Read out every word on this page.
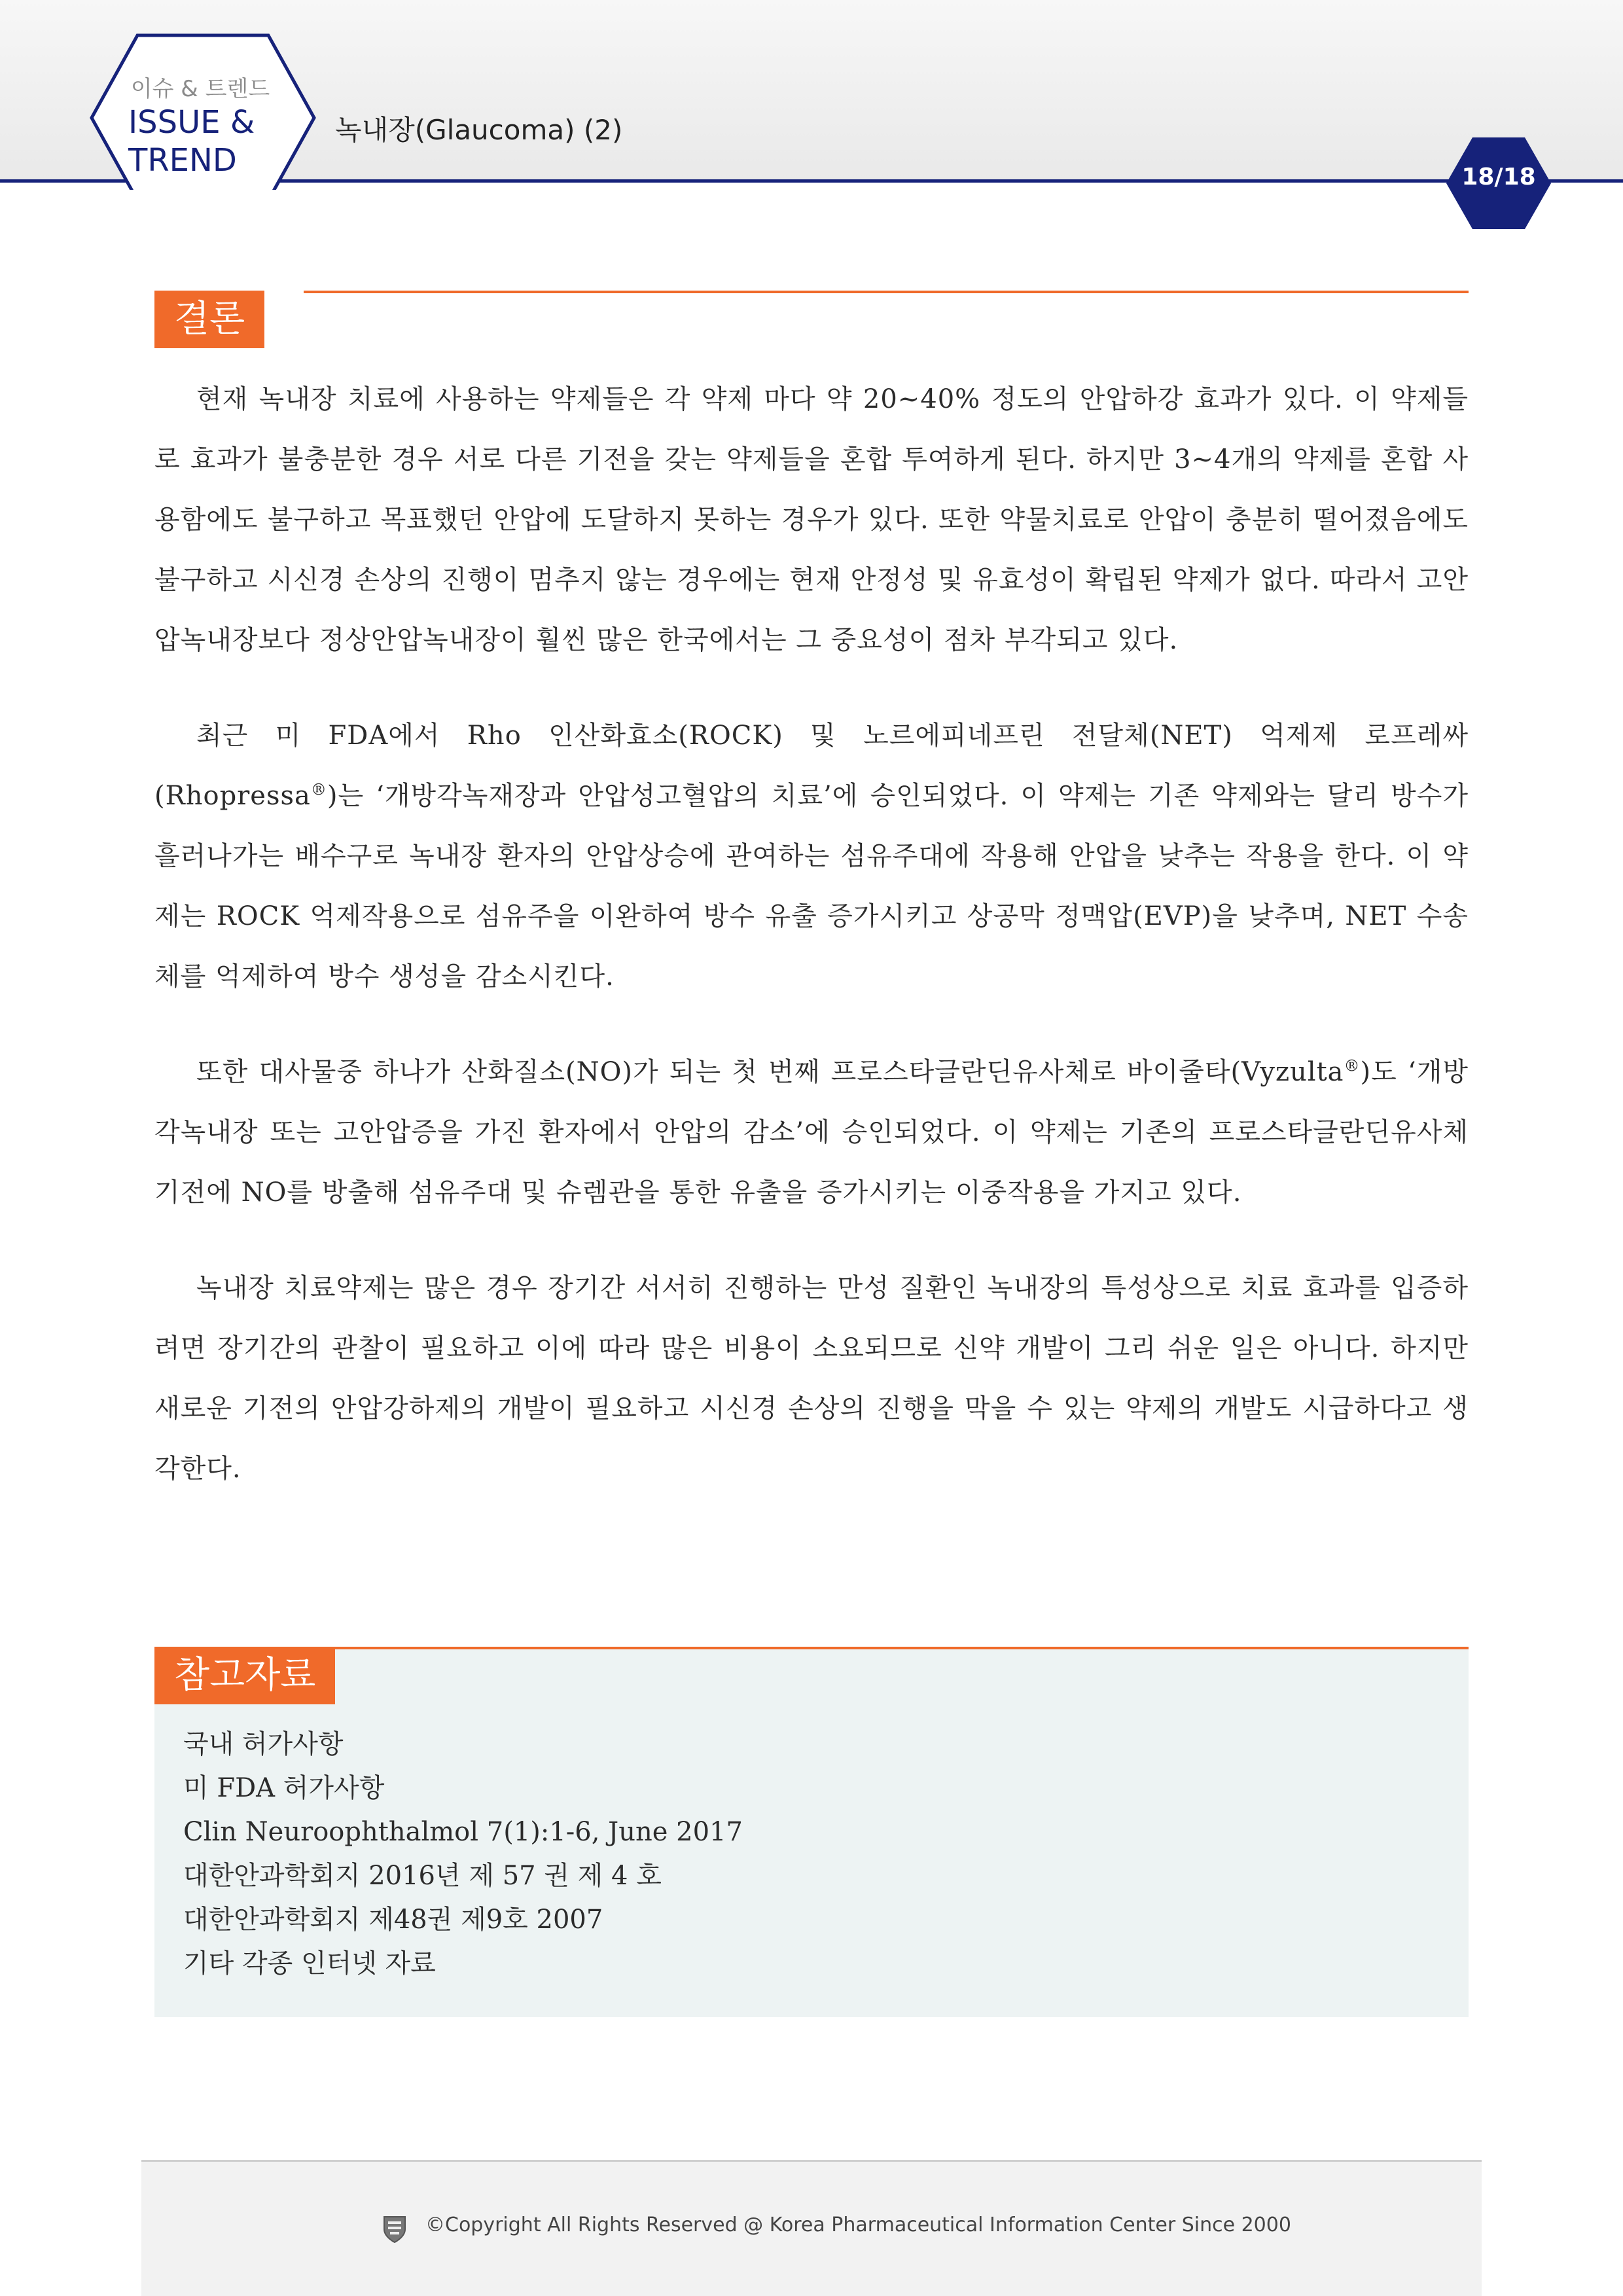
이슈 & 트렌드
ISSUE &
TREND
녹내장(Glaucoma) (2)
18/18
결론

현재 녹내장 치료에 사용하는 약제들은 각 약제 마다 약 20~40% 정도의 안압하강 효과가 있다. 이 약제들로 효과가 불충분한 경우 서로 다른 기전을 갖는 약제들을 혼합 투여하게 된다. 하지만 3~4개의 약제를 혼합 사용함에도 불구하고 목표했던 안압에 도달하지 못하는 경우가 있다. 또한 약물치료로 안압이 충분히 떨어졌음에도 불구하고 시신경 손상의 진행이 멈추지 않는 경우에는 현재 안정성 및 유효성이 확립된 약제가 없다. 따라서 고안압녹내장보다 정상안압녹내장이 훨씬 많은 한국에서는 그 중요성이 점차 부각되고 있다.

최근 미 FDA에서 Rho 인산화효소(ROCK) 및 노르에피네프린 전달체(NET) 억제제 로프레싸(Rhopressa®)는 ‘개방각녹재장과 안압성고혈압의 치료’에 승인되었다. 이 약제는 기존 약제와는 달리 방수가 흘러나가는 배수구로 녹내장 환자의 안압상승에 관여하는 섬유주대에 작용해 안압을 낮추는 작용을 한다. 이 약제는 ROCK 억제작용으로 섬유주을 이완하여 방수 유출 증가시키고 상공막 정맥압(EVP)을 낮추며, NET 수송체를 억제하여 방수 생성을 감소시킨다.

또한 대사물중 하나가 산화질소(NO)가 되는 첫 번째 프로스타글란딘유사체로 바이줄타(Vyzulta®)도 ‘개방각녹내장 또는 고안압증을 가진 환자에서 안압의 감소’에 승인되었다. 이 약제는 기존의 프로스타글란딘유사체 기전에 NO를 방출해 섬유주대 및 슈렘관을 통한 유출을 증가시키는 이중작용을 가지고 있다.

녹내장 치료약제는 많은 경우 장기간 서서히 진행하는 만성 질환인 녹내장의 특성상으로 치료 효과를 입증하려면 장기간의 관찰이 필요하고 이에 따라 많은 비용이 소요되므로 신약 개발이 그리 쉬운 일은 아니다. 하지만 새로운 기전의 안압강하제의 개발이 필요하고 시신경 손상의 진행을 막을 수 있는 약제의 개발도 시급하다고 생각한다.

참고자료
국내 허가사항
미 FDA 허가사항
Clin Neuroophthalmol 7(1):1-6, June 2017
대한안과학회지 2016년 제 57 권 제 4 호
대한안과학회지 제48권 제9호 2007
기타 각종 인터넷 자료
©Copyright All Rights Reserved @ Korea Pharmaceutical Information Center Since 2000
